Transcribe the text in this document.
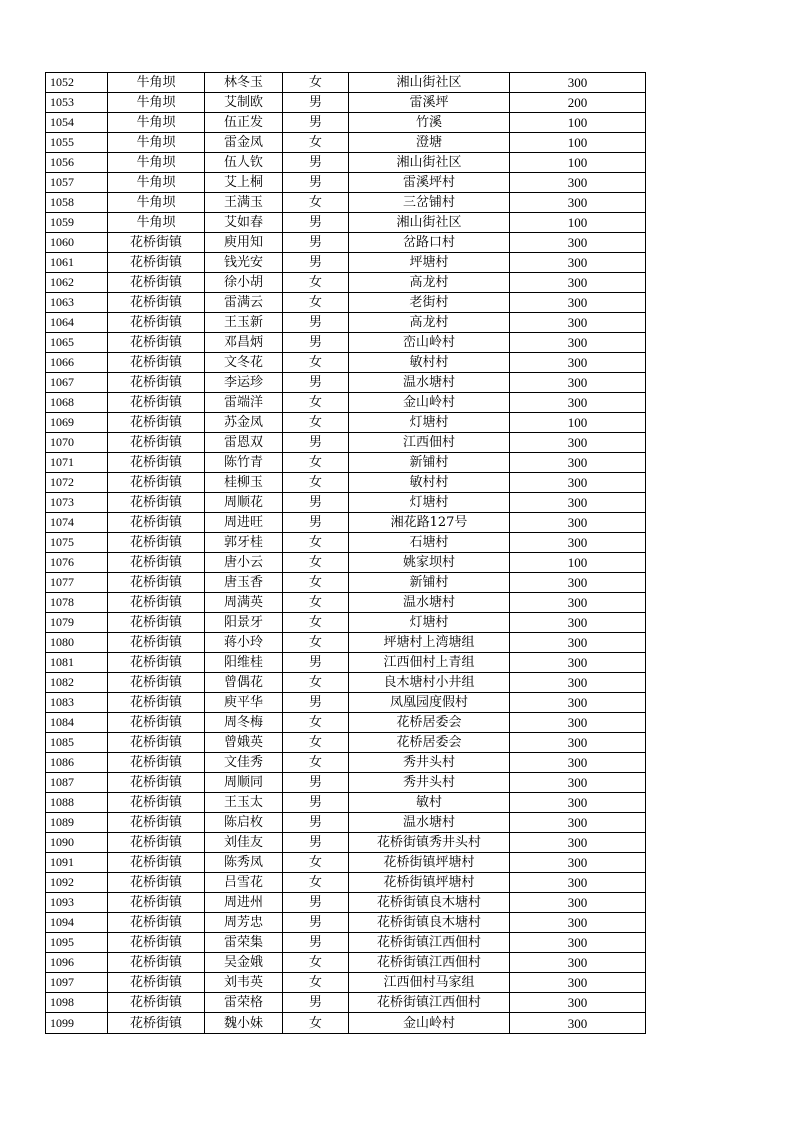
1052	牛角坝	林冬玉	女	湘山街社区	300
1053	牛角坝	艾制欧	男	雷溪坪	200
1054	牛角坝	伍正发	男	竹溪	100
1055	牛角坝	雷金凤	女	澄塘	100
1056	牛角坝	伍人钦	男	湘山街社区	100
1057	牛角坝	艾上桐	男	雷溪坪村	300
1058	牛角坝	王满玉	女	三岔铺村	300
1059	牛角坝	艾如春	男	湘山街社区	100
1060	花桥街镇	庾用知	男	岔路口村	300
1061	花桥街镇	钱光安	男	坪塘村	300
1062	花桥街镇	徐小胡	女	高龙村	300
1063	花桥街镇	雷满云	女	老街村	300
1064	花桥街镇	王玉新	男	高龙村	300
1065	花桥街镇	邓昌炳	男	峦山岭村	300
1066	花桥街镇	文冬花	女	敏村村	300
1067	花桥街镇	李运珍	男	温水塘村	300
1068	花桥街镇	雷端洋	女	金山岭村	300
1069	花桥街镇	苏金凤	女	灯塘村	100
1070	花桥街镇	雷恩双	男	江西佃村	300
1071	花桥街镇	陈竹青	女	新铺村	300
1072	花桥街镇	桂柳玉	女	敏村村	300
1073	花桥街镇	周顺花	男	灯塘村	300
1074	花桥街镇	周进旺	男	湘花路127号	300
1075	花桥街镇	郭牙桂	女	石塘村	300
1076	花桥街镇	唐小云	女	姚家坝村	100
1077	花桥街镇	唐玉香	女	新铺村	300
1078	花桥街镇	周满英	女	温水塘村	300
1079	花桥街镇	阳景牙	女	灯塘村	300
1080	花桥街镇	蒋小玲	女	坪塘村上湾塘组	300
1081	花桥街镇	阳维桂	男	江西佃村上青组	300
1082	花桥街镇	曾偶花	女	良木塘村小井组	300
1083	花桥街镇	庾平华	男	凤凰园度假村	300
1084	花桥街镇	周冬梅	女	花桥居委会	300
1085	花桥街镇	曾娥英	女	花桥居委会	300
1086	花桥街镇	文佳秀	女	秀井头村	300
1087	花桥街镇	周顺同	男	秀井头村	300
1088	花桥街镇	王玉太	男	敏村	300
1089	花桥街镇	陈启枚	男	温水塘村	300
1090	花桥街镇	刘佳友	男	花桥街镇秀井头村	300
1091	花桥街镇	陈秀凤	女	花桥街镇坪塘村	300
1092	花桥街镇	吕雪花	女	花桥街镇坪塘村	300
1093	花桥街镇	周进州	男	花桥街镇良木塘村	300
1094	花桥街镇	周芳忠	男	花桥街镇良木塘村	300
1095	花桥街镇	雷荣集	男	花桥街镇江西佃村	300
1096	花桥街镇	吴金娥	女	花桥街镇江西佃村	300
1097	花桥街镇	刘韦英	女	江西佃村马家组	300
1098	花桥街镇	雷荣格	男	花桥街镇江西佃村	300
1099	花桥街镇	魏小妹	女	金山岭村	300
